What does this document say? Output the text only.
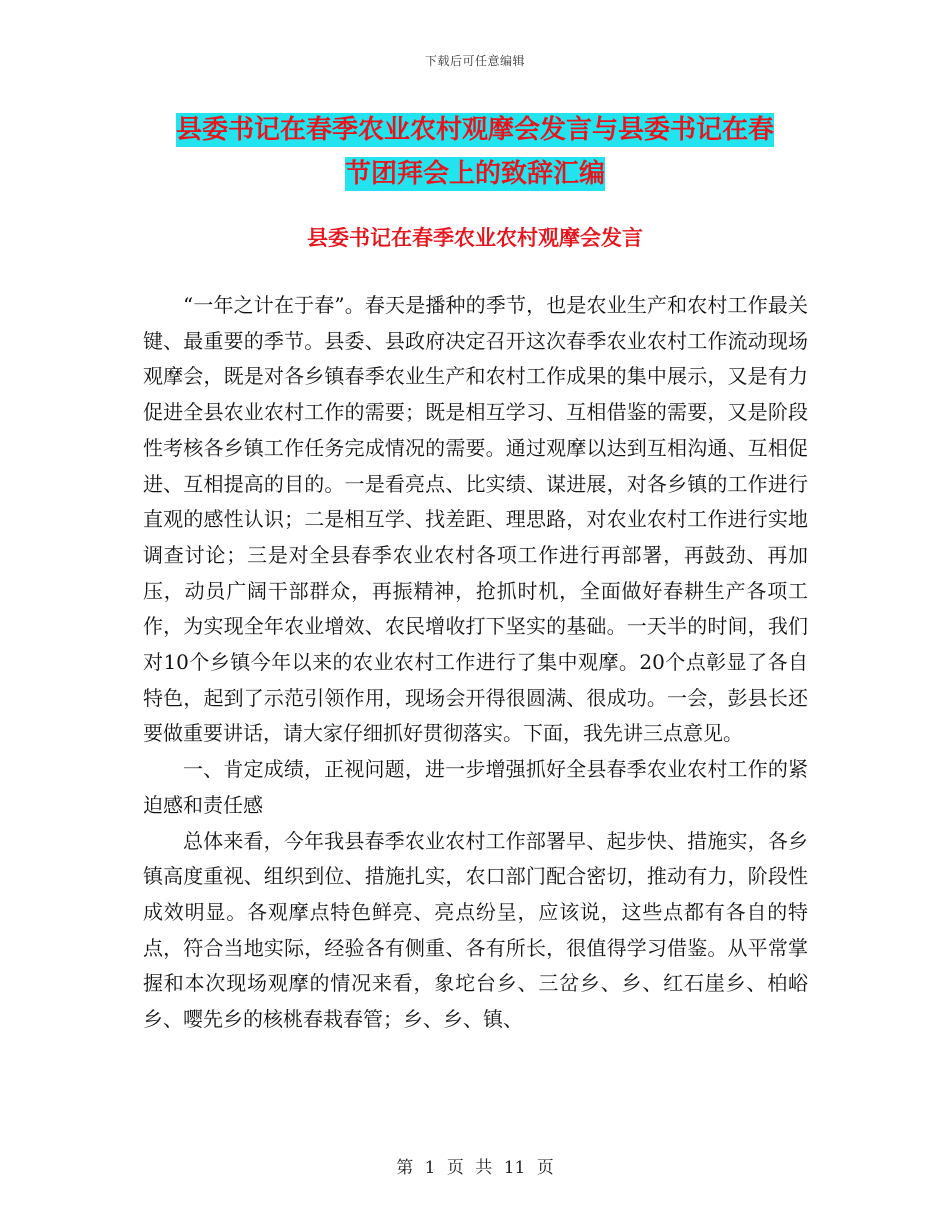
下载后可任意编辑
县委书记在春季农业农村观摩会发言与县委书记在春
节团拜会上的致辞汇编
县委书记在春季农业农村观摩会发言

“一年之计在于春”。春天是播种的季节，也是农业生产和农村工作最关键、最重要的季节。县委、县政府决定召开这次春季农业农村工作流动现场观摩会，既是对各乡镇春季农业生产和农村工作成果的集中展示，又是有力促进全县农业农村工作的需要；既是相互学习、互相借鉴的需要，又是阶段性考核各乡镇工作任务完成情况的需要。通过观摩以达到互相沟通、互相促进、互相提高的目的。一是看亮点、比实绩、谋进展，对各乡镇的工作进行直观的感性认识；二是相互学、找差距、理思路，对农业农村工作进行实地调查讨论；三是对全县春季农业农村各项工作进行再部署，再鼓劲、再加压，动员广阔干部群众，再振精神，抢抓时机，全面做好春耕生产各项工作，为实现全年农业增效、农民增收打下坚实的基础。一天半的时间，我们对10个乡镇今年以来的农业农村工作进行了集中观摩。20个点彰显了各自特色，起到了示范引领作用，现场会开得很圆满、很成功。一会，彭县长还要做重要讲话，请大家仔细抓好贯彻落实。下面，我先讲三点意见。

一、肯定成绩，正视问题，进一步增强抓好全县春季农业农村工作的紧迫感和责任感

总体来看，今年我县春季农业农村工作部署早、起步快、措施实，各乡镇高度重视、组织到位、措施扎实，农口部门配合密切，推动有力，阶段性成效明显。各观摩点特色鲜亮、亮点纷呈，应该说，这些点都有各自的特点，符合当地实际，经验各有侧重、各有所长，很值得学习借鉴。从平常掌握和本次现场观摩的情况来看，象坨台乡、三岔乡、乡、红石崖乡、柏峪乡、嘤先乡的核桃春栽春管；乡、乡、镇、

第 1 页 共 11 页
